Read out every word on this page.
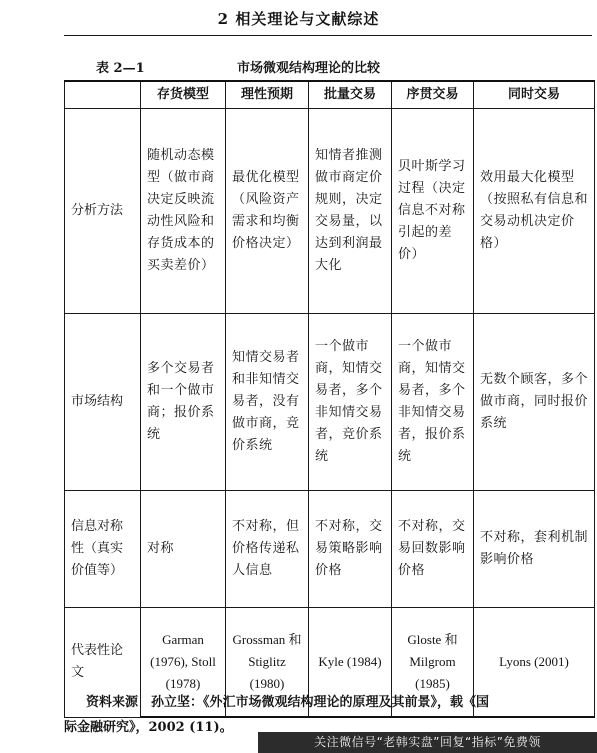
2 相关理论与文献综述
表 2—1	市场微观结构理论的比较
	存货模型	理性预期	批量交易	序贯交易	同时交易
分析方法	随机动态模型（做市商决定反映流动性风险和存货成本的买卖差价）	最优化模型（风险资产需求和均衡价格决定）	知情者推测做市商定价规则，决定交易量，以达到利润最大化	贝叶斯学习过程（决定信息不对称引起的差价）	效用最大化模型（按照私有信息和交易动机决定价格）
市场结构	多个交易者和一个做市商；报价系统	知情交易者和非知情交易者，没有做市商，竞价系统	一个做市商，知情交易者，多个非知情交易者，竞价系统	一个做市商，知情交易者，多个非知情交易者，报价系统	无数个顾客，多个做市商，同时报价系统
信息对称性（真实价值等）	对称	不对称，但价格传递私人信息	不对称，交易策略影响价格	不对称，交易回数影响价格	不对称，套利机制影响价格
代表性论文	Garman (1976), Stoll (1978)	Grossman 和 Stiglitz (1980)	Kyle (1984)	Gloste 和 Milgrom (1985)	Lyons (2001)
资料来源　孙立坚：《外汇市场微观结构理论的原理及其前景》，载《国
际金融研究》，2002 (11)。
关注微信号“老韩实盘”回复“指标”免费领
